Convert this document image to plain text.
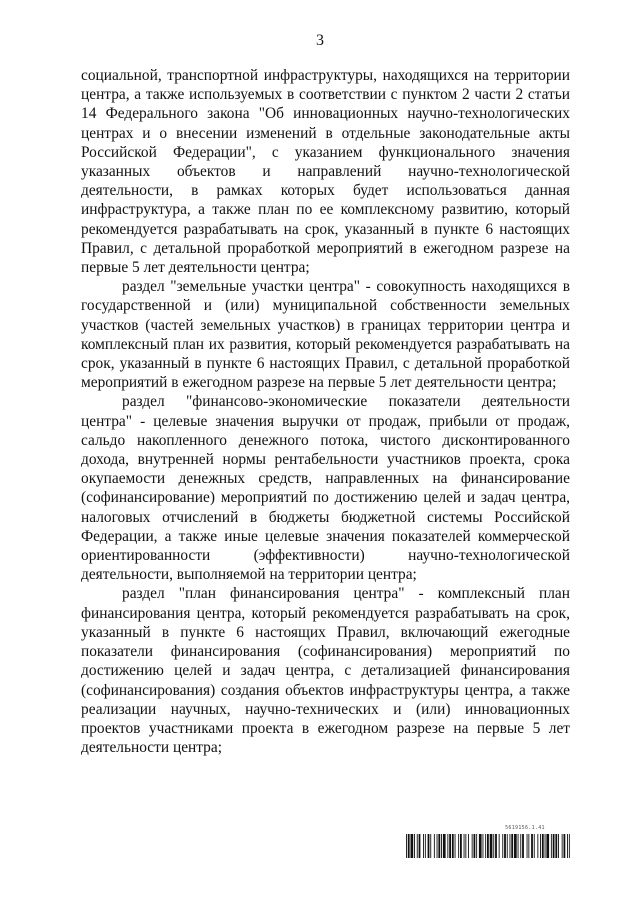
3

социальной, транспортной инфраструктуры, находящихся на территории центра, а также используемых в соответствии с пунктом 2 части 2 статьи 14 Федерального закона "Об инновационных научно-технологических центрах и о внесении изменений в отдельные законодательные акты Российской Федерации", с указанием функционального значения указанных объектов и направлений научно-технологической деятельности, в рамках которых будет использоваться данная инфраструктура, а также план по ее комплексному развитию, который рекомендуется разрабатывать на срок, указанный в пункте 6 настоящих Правил, с детальной проработкой мероприятий в ежегодном разрезе на первые 5 лет деятельности центра;

раздел "земельные участки центра" - совокупность находящихся в государственной и (или) муниципальной собственности земельных участков (частей земельных участков) в границах территории центра и комплексный план их развития, который рекомендуется разрабатывать на срок, указанный в пункте 6 настоящих Правил, с детальной проработкой мероприятий в ежегодном разрезе на первые 5 лет деятельности центра;

раздел "финансово-экономические показатели деятельности центра" - целевые значения выручки от продаж, прибыли от продаж, сальдо накопленного денежного потока, чистого дисконтированного дохода, внутренней нормы рентабельности участников проекта, срока окупаемости денежных средств, направленных на финансирование (софинансирование) мероприятий по достижению целей и задач центра, налоговых отчислений в бюджеты бюджетной системы Российской Федерации, а также иные целевые значения показателей коммерческой ориентированности (эффективности) научно-технологической деятельности, выполняемой на территории центра;

раздел "план финансирования центра" - комплексный план финансирования центра, который рекомендуется разрабатывать на срок, указанный в пункте 6 настоящих Правил, включающий ежегодные показатели финансирования (софинансирования) мероприятий по достижению целей и задач центра, с детализацией финансирования (софинансирования) создания объектов инфраструктуры центра, а также реализации научных, научно-технических и (или) инновационных проектов участниками проекта в ежегодном разрезе на первые 5 лет деятельности центра;

5619156.1.41
